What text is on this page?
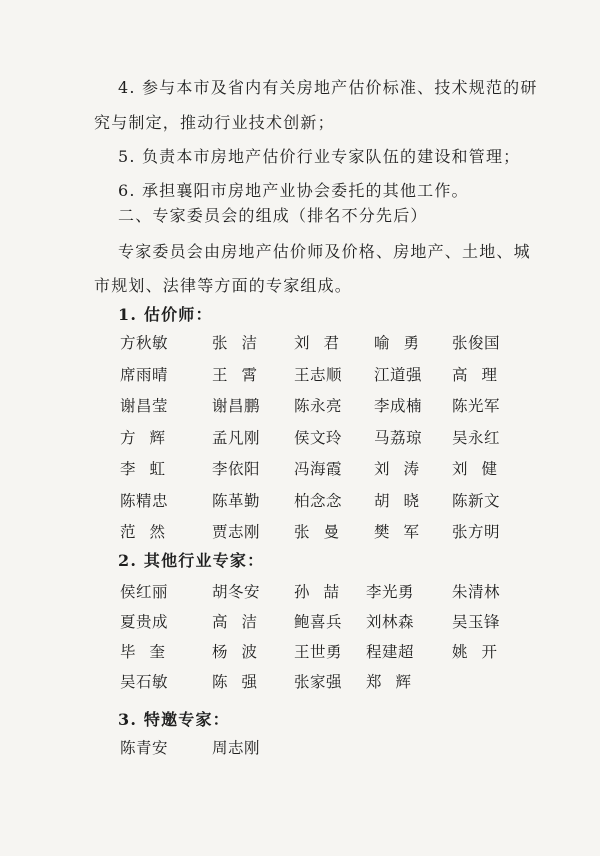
4. 参与本市及省内有关房地产估价标准、技术规范的研
究与制定，推动行业技术创新；
5. 负责本市房地产估价行业专家队伍的建设和管理；
6. 承担襄阳市房地产业协会委托的其他工作。
二、专家委员会的组成（排名不分先后）
专家委员会由房地产估价师及价格、房地产、土地、城
市规划、法律等方面的专家组成。
1. 估价师：
方秋敏	张洁 刘君 喻勇 张俊国
席雨晴	王霄 王志顺 江道强 高理
谢昌莹	谢昌鹏 陈永亮 李成楠 陈光军
方辉 孟凡刚 侯文玲 马荔琼 吴永红
李虹 李依阳 冯海霞 刘涛 刘健
陈精忠	陈革勤 柏念念 胡晓 陈新文
范然 贾志刚 张曼 樊军 张方明
2. 其他行业专家：
侯红丽	胡冬安 孙喆 李光勇 朱清林
夏贵成	高洁 鲍喜兵 刘林森 吴玉锋
毕奎 杨波 王世勇 程建超 姚开
吴石敏	陈强 张家强 郑辉
3. 特邀专家：
陈青安	周志刚
